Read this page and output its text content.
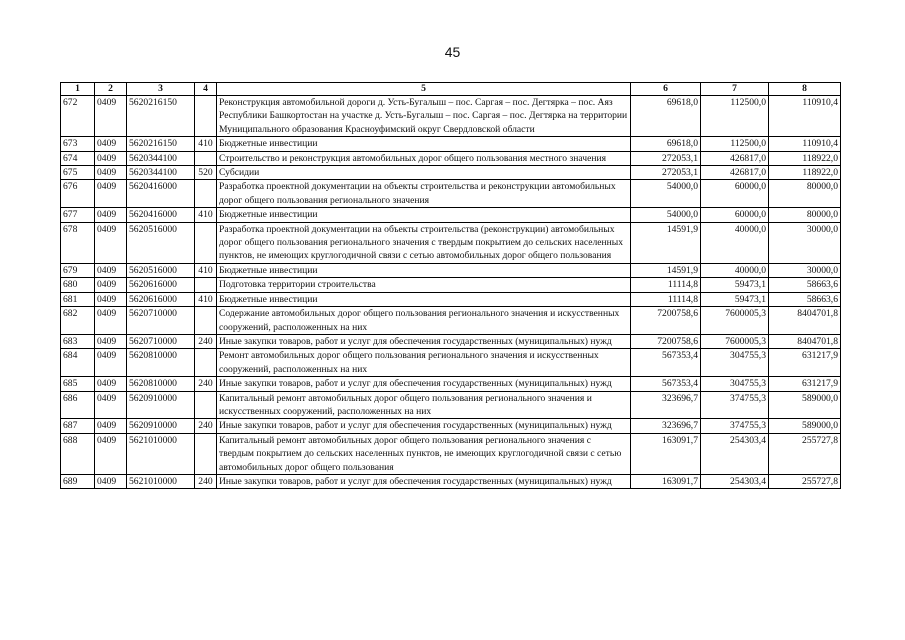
45
1	2	3	4	5	6	7	8
672	0409	5620216150		Реконструкция автомобильной дороги д. Усть-Бугалыш – пос. Саргая – пос. Дегтярка – пос. Аяз Республики Башкортостан на участке д. Усть-Бугалыш – пос. Саргая – пос. Дегтярка на территории Муниципального образования Красноуфимский округ Свердловской области	69618,0	112500,0	110910,4
673	0409	5620216150	410	Бюджетные инвестиции	69618,0	112500,0	110910,4
674	0409	5620344100		Строительство и реконструкция автомобильных дорог общего пользования местного значения	272053,1	426817,0	118922,0
675	0409	5620344100	520	Субсидии	272053,1	426817,0	118922,0
676	0409	5620416000		Разработка проектной документации на объекты строительства и реконструкции автомобильных дорог общего пользования регионального значения	54000,0	60000,0	80000,0
677	0409	5620416000	410	Бюджетные инвестиции	54000,0	60000,0	80000,0
678	0409	5620516000		Разработка проектной документации на объекты строительства (реконструкции) автомобильных дорог общего пользования регионального значения с твердым покрытием до сельских населенных пунктов, не имеющих круглогодичной связи с сетью автомобильных дорог общего пользования	14591,9	40000,0	30000,0
679	0409	5620516000	410	Бюджетные инвестиции	14591,9	40000,0	30000,0
680	0409	5620616000		Подготовка территории строительства	11114,8	59473,1	58663,6
681	0409	5620616000	410	Бюджетные инвестиции	11114,8	59473,1	58663,6
682	0409	5620710000		Содержание автомобильных дорог общего пользования регионального значения и искусственных сооружений, расположенных на них	7200758,6	7600005,3	8404701,8
683	0409	5620710000	240	Иные закупки товаров, работ и услуг для обеспечения государственных (муниципальных) нужд	7200758,6	7600005,3	8404701,8
684	0409	5620810000		Ремонт автомобильных дорог общего пользования регионального значения и искусственных сооружений, расположенных на них	567353,4	304755,3	631217,9
685	0409	5620810000	240	Иные закупки товаров, работ и услуг для обеспечения государственных (муниципальных) нужд	567353,4	304755,3	631217,9
686	0409	5620910000		Капитальный ремонт автомобильных дорог общего пользования регионального значения и искусственных сооружений, расположенных на них	323696,7	374755,3	589000,0
687	0409	5620910000	240	Иные закупки товаров, работ и услуг для обеспечения государственных (муниципальных) нужд	323696,7	374755,3	589000,0
688	0409	5621010000		Капитальный ремонт автомобильных дорог общего пользования регионального значения с твердым покрытием до сельских населенных пунктов, не имеющих круглогодичной связи с сетью автомобильных дорог общего пользования	163091,7	254303,4	255727,8
689	0409	5621010000	240	Иные закупки товаров, работ и услуг для обеспечения государственных (муниципальных) нужд	163091,7	254303,4	255727,8
